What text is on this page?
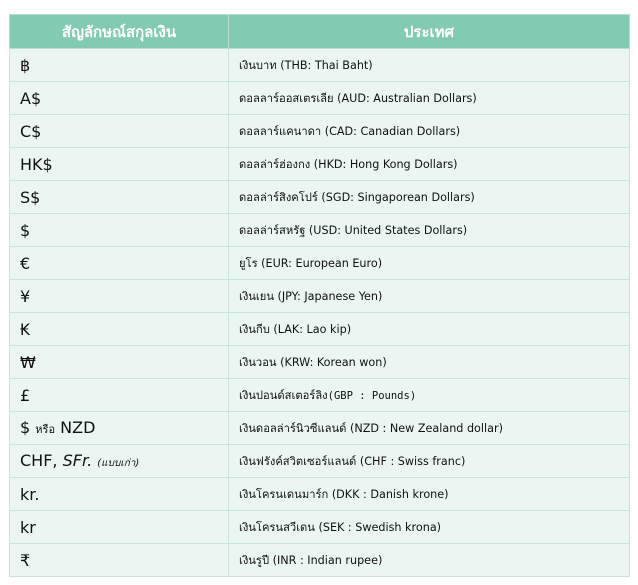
สัญลักษณ์สกุลเงิน	ประเทศ
฿	เงินบาท (THB: Thai Baht)
A$	ดอลลาร์ออสเตรเลีย (AUD: Australian Dollars)
C$	ดอลลาร์แคนาดา (CAD: Canadian Dollars)
HK$	ดอลล่าร์ฮ่องกง (HKD: Hong Kong Dollars)
S$	ดอลล่าร์สิงคโปร์ (SGD: Singaporean Dollars)
$	ดอลล่าร์สหรัฐ (USD: United States Dollars)
€	ยูโร (EUR: European Euro)
¥	เงินเยน (JPY: Japanese Yen)
₭	เงินกีบ (LAK: Lao kip)
₩	เงินวอน (KRW: Korean won)
£	เงินปอนด์สเตอร์ลิง(GBP : Pounds)
$ หรือ NZD	เงินดอลล่าร์นิวซีแลนด์ (NZD : New Zealand dollar)
CHF, SFr. (แบบเก่า)	เงินฟรังค์สวิตเซอร์แลนด์ (CHF : Swiss franc)
kr.	เงินโครนเดนมาร์ก (DKK : Danish krone)
kr	เงินโครนสวีเดน (SEK : Swedish krona)
₹	เงินรูปี (INR : Indian rupee)
